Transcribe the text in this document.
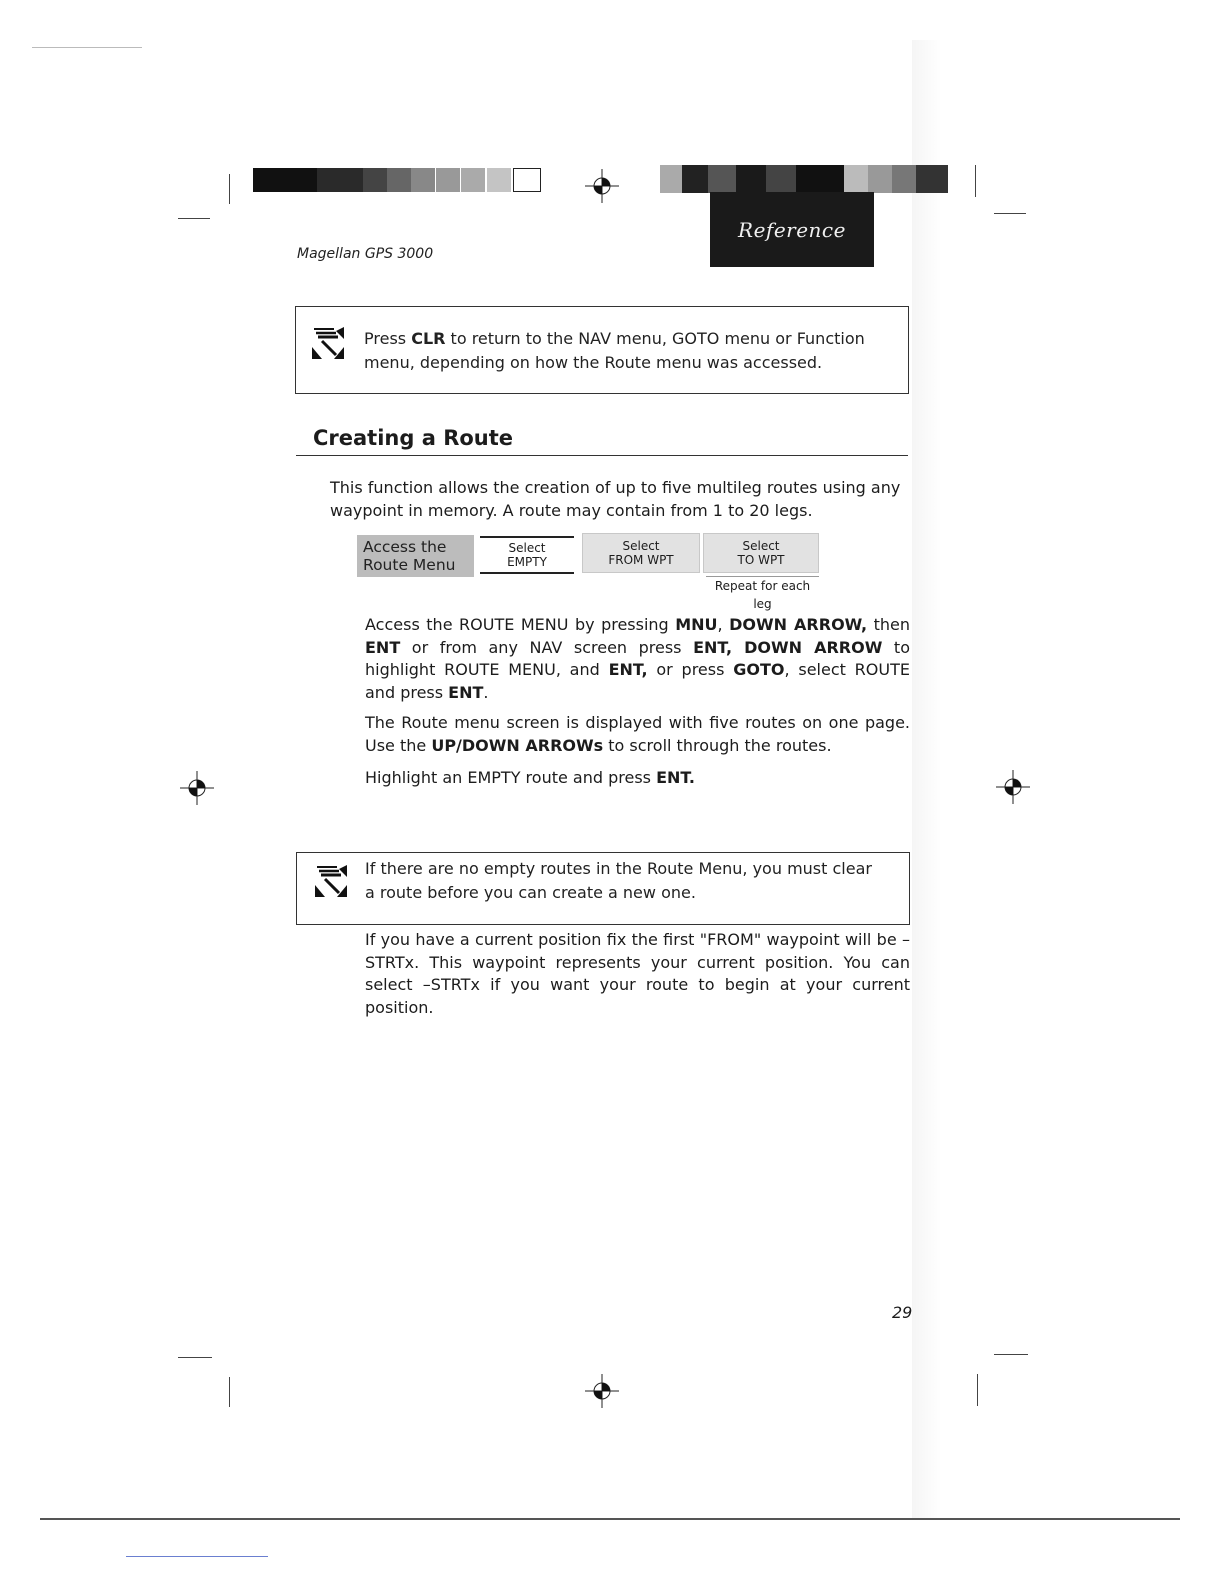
Reference
Magellan GPS 3000
Press CLR to return to the NAV menu, GOTO menu or Function menu, depending on how the Route menu was accessed.
Creating a Route
This function allows the creation of up to five multileg routes using any waypoint in memory. A route may contain from 1 to 20 legs.
Access the
Route Menu
Select
EMPTY
Select
FROM WPT
Select
TO WPT
Repeat for each leg
Access the ROUTE MENU by pressing MNU, DOWN ARROW, then ENT or from any NAV screen press ENT, DOWN ARROW to highlight ROUTE MENU, and ENT, or press GOTO, select ROUTE and press ENT.
The Route menu screen is displayed with five routes on one page. Use the UP/DOWN ARROWs to scroll through the routes.
Highlight an EMPTY route and press ENT.
If there are no empty routes in the Route Menu, you must clear a route before you can create a new one.
If you have a current position fix the first "FROM" waypoint will be –STRTx. This waypoint represents your current position. You can select –STRTx if you want your route to begin at your current position.
29
